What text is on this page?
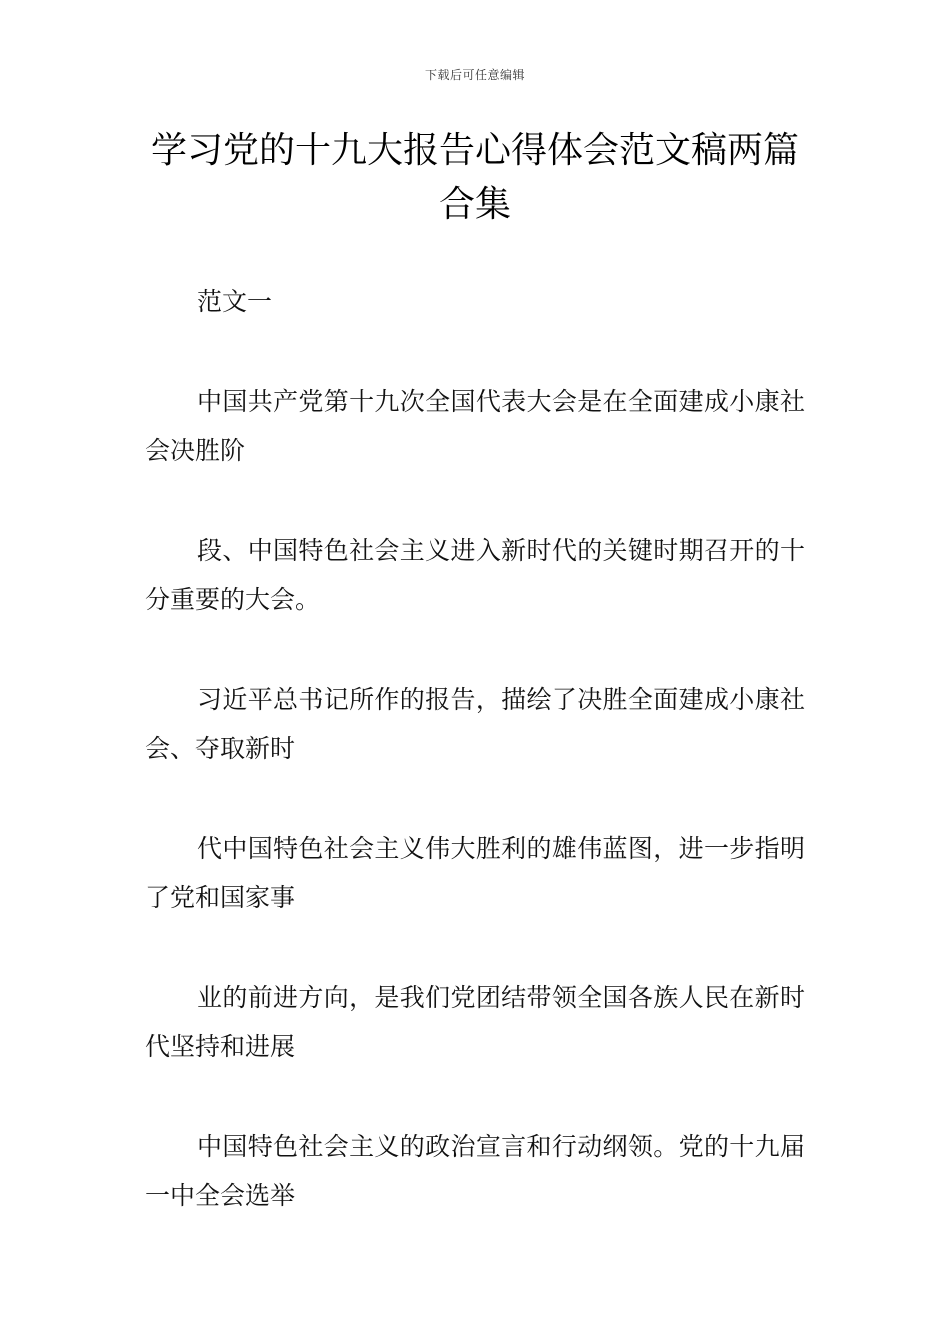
下载后可任意编辑
学习党的十九大报告心得体会范文稿两篇合集

范文一

中国共产党第十九次全国代表大会是在全面建成小康社会决胜阶

段、中国特色社会主义进入新时代的关键时期召开的十分重要的大会。

习近平总书记所作的报告，描绘了决胜全面建成小康社会、夺取新时

代中国特色社会主义伟大胜利的雄伟蓝图，进一步指明了党和国家事

业的前进方向，是我们党团结带领全国各族人民在新时代坚持和进展

中国特色社会主义的政治宣言和行动纲领。党的十九届一中全会选举
